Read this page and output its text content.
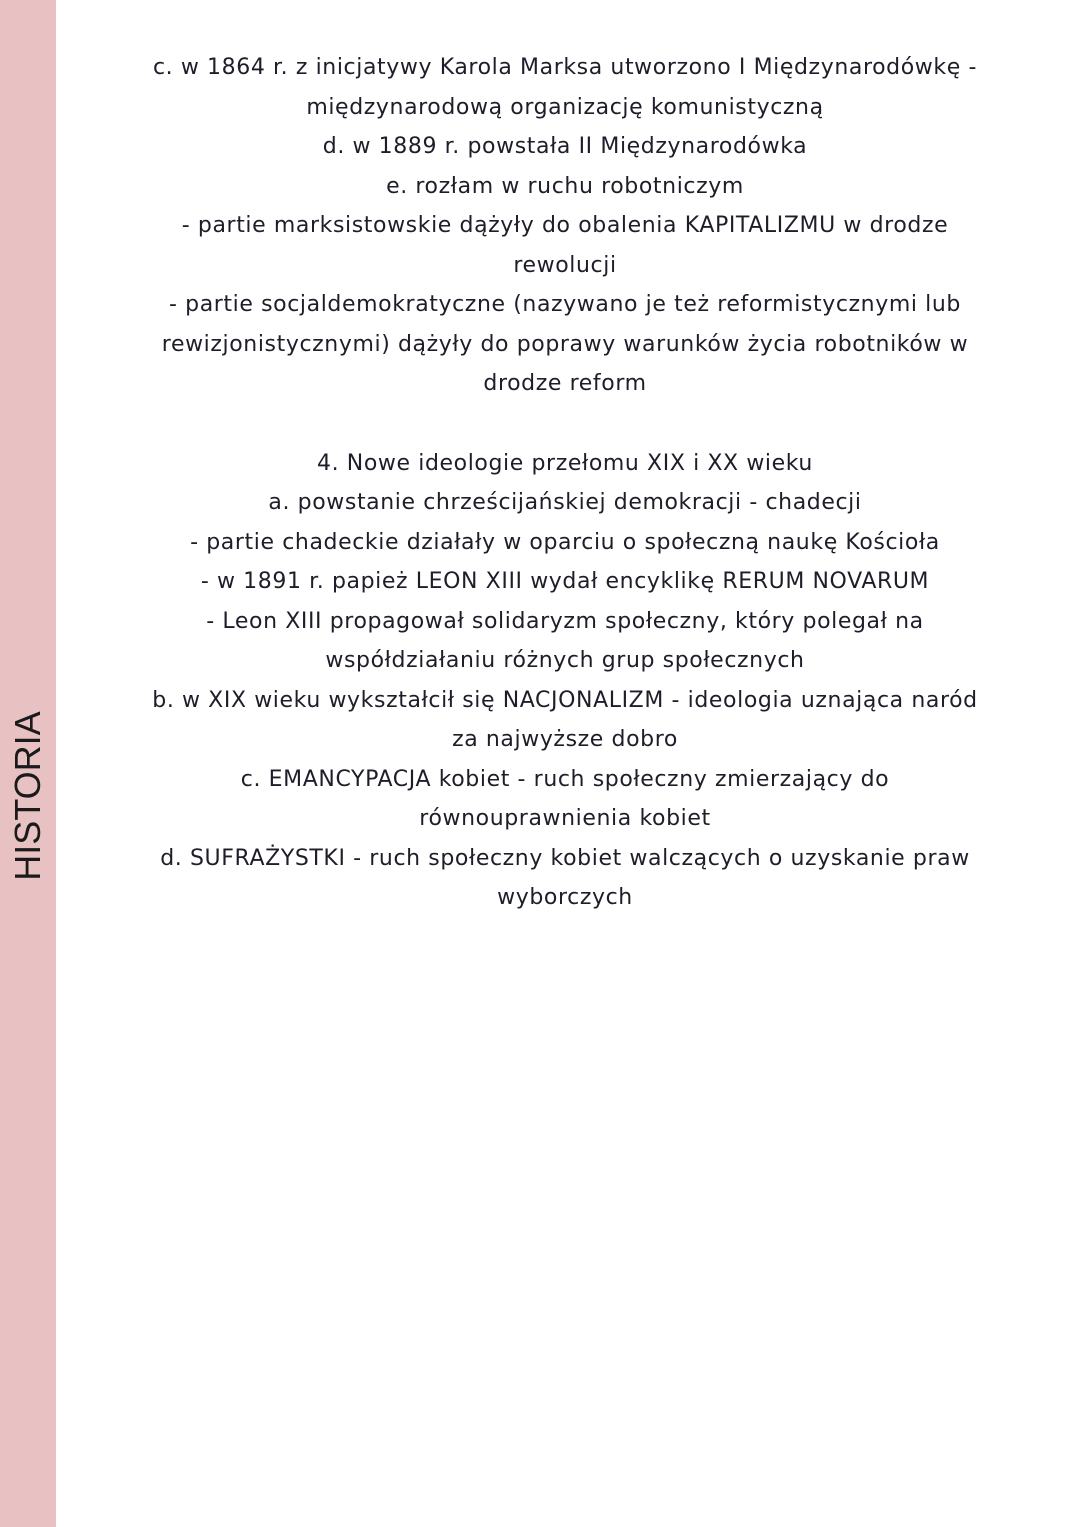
HISTORIA
c. w 1864 r. z inicjatywy Karola Marksa utworzono I Międzynarodówkę -
międzynarodową organizację komunistyczną
d. w 1889 r. powstała II Międzynarodówka
e. rozłam w ruchu robotniczym
- partie marksistowskie dążyły do obalenia KAPITALIZMU w drodze
rewolucji
- partie socjaldemokratyczne (nazywano je też reformistycznymi lub
rewizjonistycznymi) dążyły do poprawy warunków życia robotników w
drodze reform
4. Nowe ideologie przełomu XIX i XX wieku
a. powstanie chrześcijańskiej demokracji - chadecji
- partie chadeckie działały w oparciu o społeczną naukę Kościoła
- w 1891 r. papież LEON XIII wydał encyklikę RERUM NOVARUM
- Leon XIII propagował solidaryzm społeczny, który polegał na
współdziałaniu różnych grup społecznych
b. w XIX wieku wykształcił się NACJONALIZM - ideologia uznająca naród
za najwyższe dobro
c. EMANCYPACJA kobiet - ruch społeczny zmierzający do
równouprawnienia kobiet
d. SUFRAŻYSTKI - ruch społeczny kobiet walczących o uzyskanie praw
wyborczych
